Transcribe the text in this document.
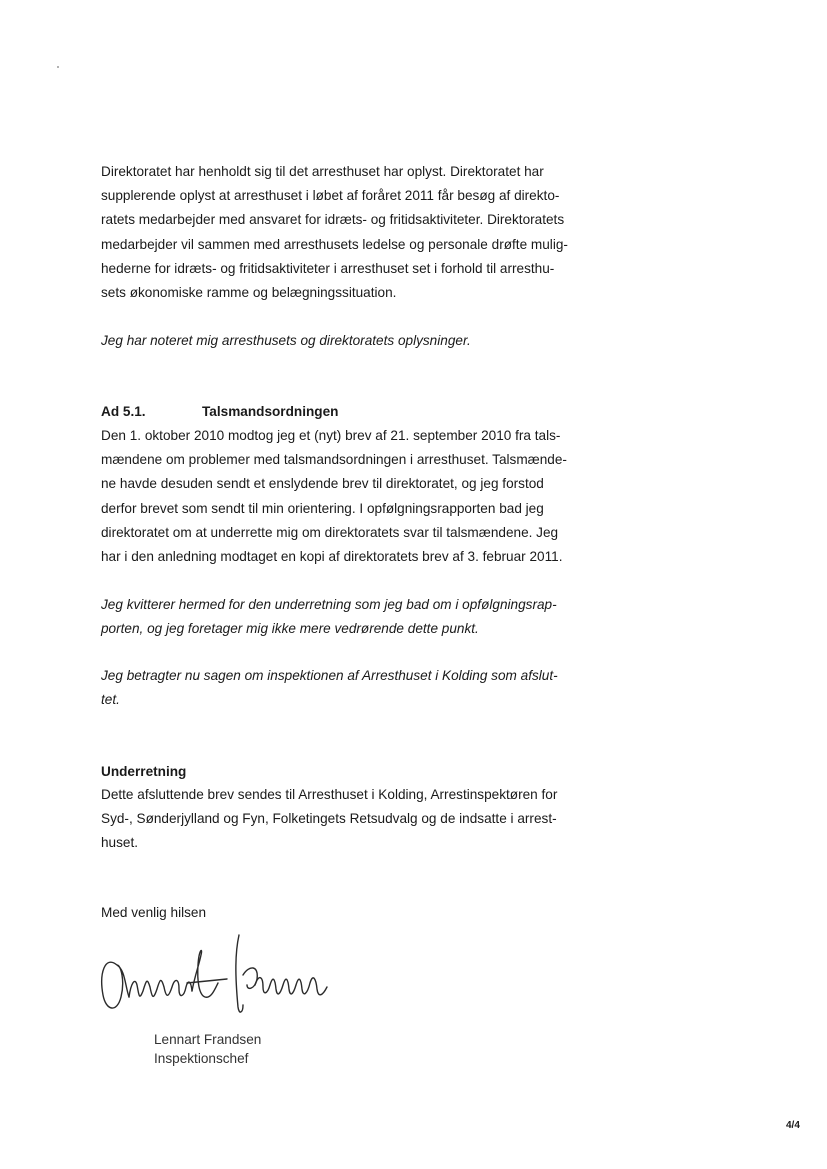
Direktoratet har henholdt sig til det arresthuset har oplyst. Direktoratet har
supplerende oplyst at arresthuset i løbet af foråret 2011 får besøg af direkto-
ratets medarbejder med ansvaret for idræts- og fritidsaktiviteter. Direktoratets
medarbejder vil sammen med arresthusets ledelse og personale drøfte mulig-
hederne for idræts- og fritidsaktiviteter i arresthuset set i forhold til arresthu-
sets økonomiske ramme og belægningssituation.
Jeg har noteret mig arresthusets og direktoratets oplysninger.
Ad 5.1.	Talsmandsordningen
Den 1. oktober 2010 modtog jeg et (nyt) brev af 21. september 2010 fra tals-
mændene om problemer med talsmandsordningen i arresthuset. Talsmænde-
ne havde desuden sendt et enslydende brev til direktoratet, og jeg forstod
derfor brevet som sendt til min orientering. I opfølgningsrapporten bad jeg
direktoratet om at underrette mig om direktoratets svar til talsmændene. Jeg
har i den anledning modtaget en kopi af direktoratets brev af 3. februar 2011.
Jeg kvitterer hermed for den underretning som jeg bad om i opfølgningsrap-
porten, og jeg foretager mig ikke mere vedrørende dette punkt.
Jeg betragter nu sagen om inspektionen af Arresthuset i Kolding som afslut-
tet.
Underretning
Dette afsluttende brev sendes til Arresthuset i Kolding, Arrestinspektøren for
Syd-, Sønderjylland og Fyn, Folketingets Retsudvalg og de indsatte i arrest-
huset.
Med venlig hilsen
Lennart Frandsen
Inspektionschef
4/4
